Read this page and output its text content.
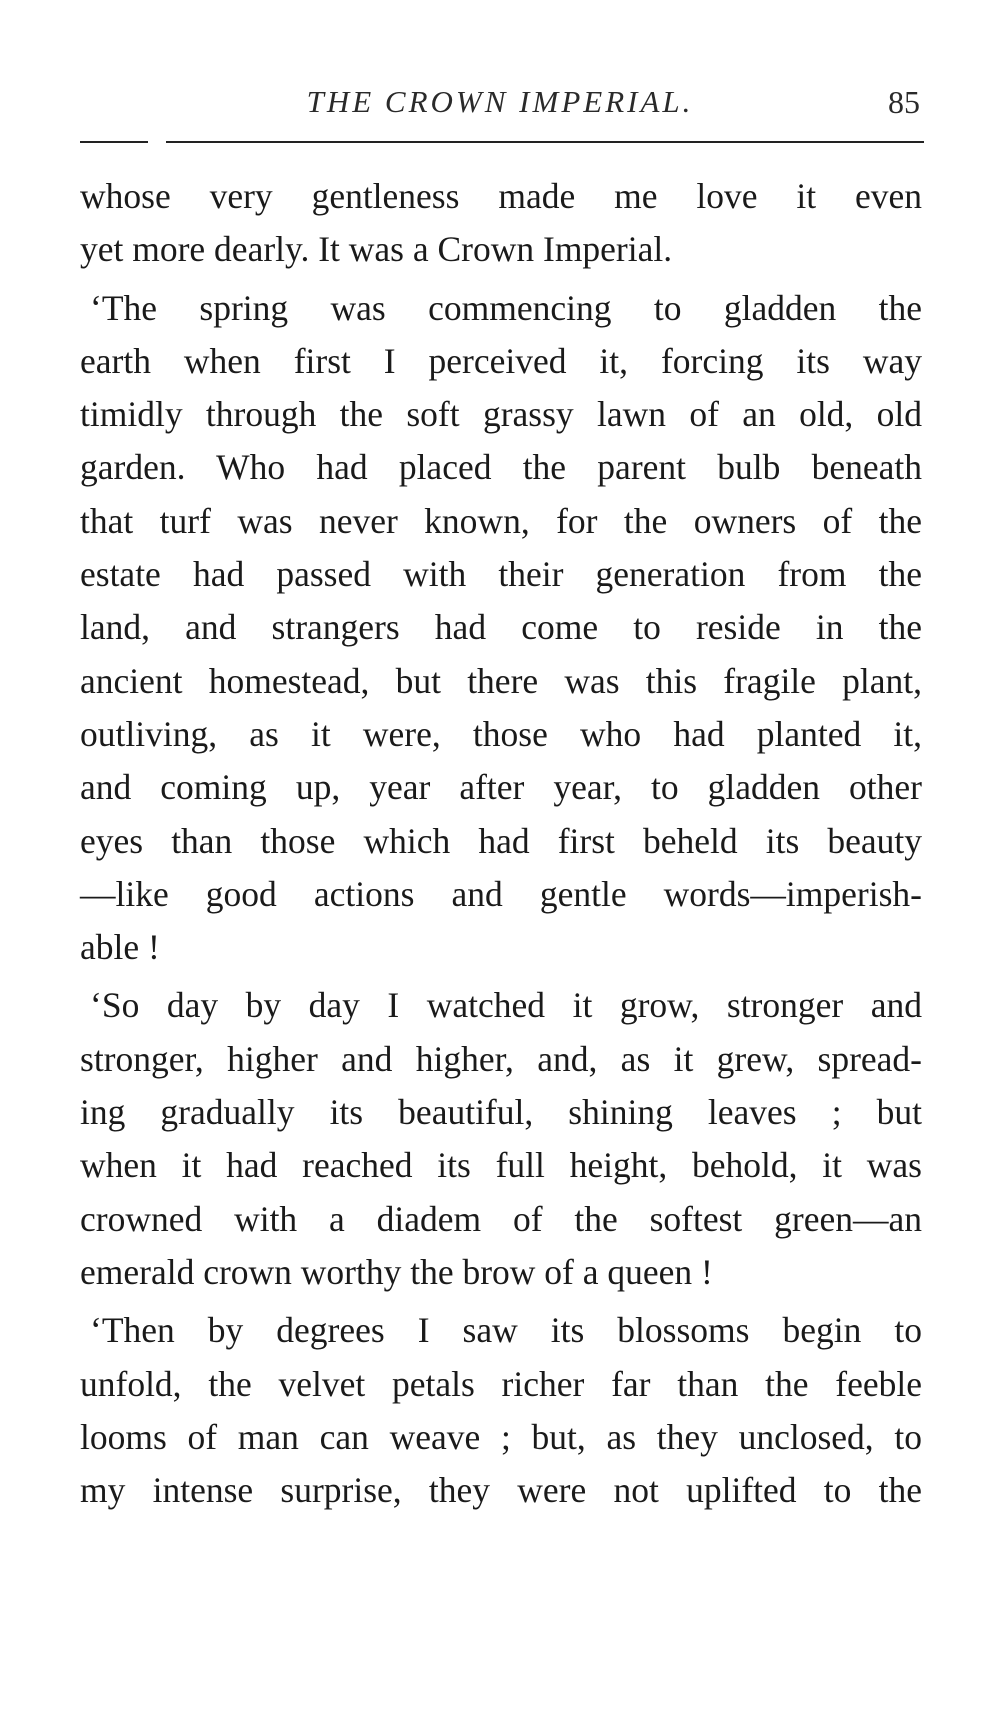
THE CROWN IMPERIAL.	85

whose very gentleness made me love it even
yet more dearly. It was a Crown Imperial.

‘The spring was commencing to gladden the
earth when first I perceived it, forcing its way
timidly through the soft grassy lawn of an old, old
garden. Who had placed the parent bulb beneath
that turf was never known, for the owners of the
estate had passed with their generation from the
land, and strangers had come to reside in the
ancient homestead, but there was this fragile plant,
outliving, as it were, those who had planted it,
and coming up, year after year, to gladden other
eyes than those which had first beheld its beauty
—like good actions and gentle words—imperish-
able !

‘So day by day I watched it grow, stronger and
stronger, higher and higher, and, as it grew, spread-
ing gradually its beautiful, shining leaves ; but
when it had reached its full height, behold, it was
crowned with a diadem of the softest green—an
emerald crown worthy the brow of a queen !

‘Then by degrees I saw its blossoms begin to
unfold, the velvet petals richer far than the feeble
looms of man can weave ; but, as they unclosed, to
my intense surprise, they were not uplifted to the
